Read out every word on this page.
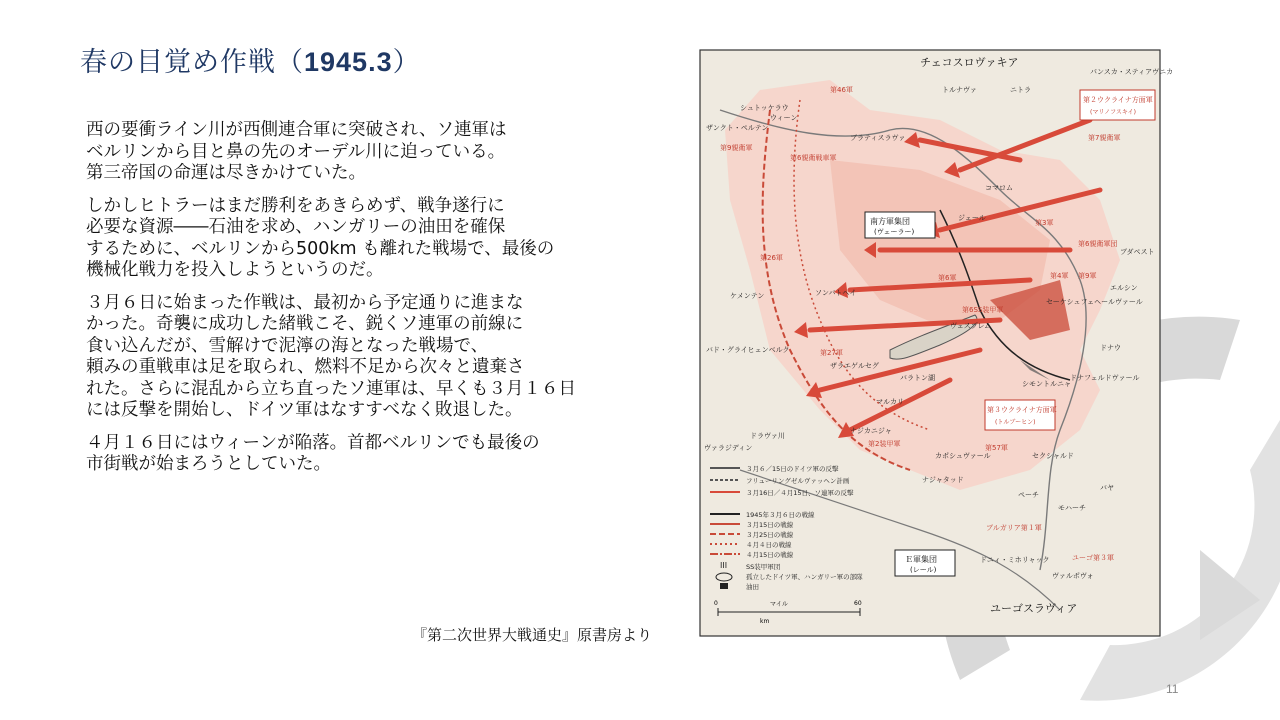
春の目覚め作戦（1945.3）

西の要衝ライン川が西側連合軍に突破され、ソ連軍は
ベルリンから目と鼻の先のオーデル川に迫っている。
第三帝国の命運は尽きかけていた。

しかしヒトラーはまだ勝利をあきらめず、戦争遂行に
必要な資源――石油を求め、ハンガリーの油田を確保
するために、ベルリンから500km も離れた戦場で、最後の
機械化戦力を投入しようというのだ。

３月６日に始まった作戦は、最初から予定通りに進まな
かった。奇襲に成功した緒戦こそ、鋭くソ連軍の前線に
食い込んだが、雪解けで泥濘の海となった戦場で、
頼みの重戦車は足を取られ、燃料不足から次々と遺棄さ
れた。さらに混乱から立ち直ったソ連軍は、早くも３月１６日
には反撃を開始し、ドイツ軍はなすすべなく敗退した。

４月１６日にはウィーンが陥落。首都ベルリンでも最後の
市街戦が始まろうとしていた。

『第二次世界大戦通史』原書房より
11
チェコスロヴァキア
ユーゴスラヴィア
ウィーン
ブラティスラヴァ
ブダペスト
ジェール
コマロム
ナジカニジャ
カポシュヴァール	セクシャルド
ペーチ
モハーチ
ヴェスプレム
セーケシュフェヘールヴァール
ドナフェルドヴァール
シモントルニャ
トルナヴァ	ニトラ
パンスカ・スティアヴニカ
シュトッケラウ
ザンクト・ペルテン
ソンバトヘイ
ケメンテン
バド・グライヒェンベルク
ザラエゲルセグ
マルカリ
ドナウ
バヤ
ドニィ・ミホリャック
ヴァルポヴォ
バラトン湖
ヴァラジディン
ドラヴァ川
ナジャタッド
エルシン
第46軍
第9親衛軍
第6親衛戦車軍
第26軍
第27軍
第57軍
第6軍
第6SS装甲軍
第2装甲軍
第3軍
第4軍 第9軍
第7親衛軍
ブルガリア第１軍
ユーゴ第３軍
第6親衛軍団
南方軍集団
(ヴェーラー)
第２ウクライナ方面軍
(マリノフスキイ)
第３ウクライナ方面軍
(トルブーヒン)
Ｅ軍集団
(レール)
III
３月６／15日のドイツ軍の反撃
フリューリングゼルヴァッヘン計画
３月16日／４月15日、ソ連軍の反撃
1945年３月６日の戦線
３月15日の戦線
３月25日の戦線
４月４日の戦線
４月15日の戦線
SS装甲軍団
孤立したドイツ軍、ハンガリー軍の部隊
油田
マイル
km
0	60
